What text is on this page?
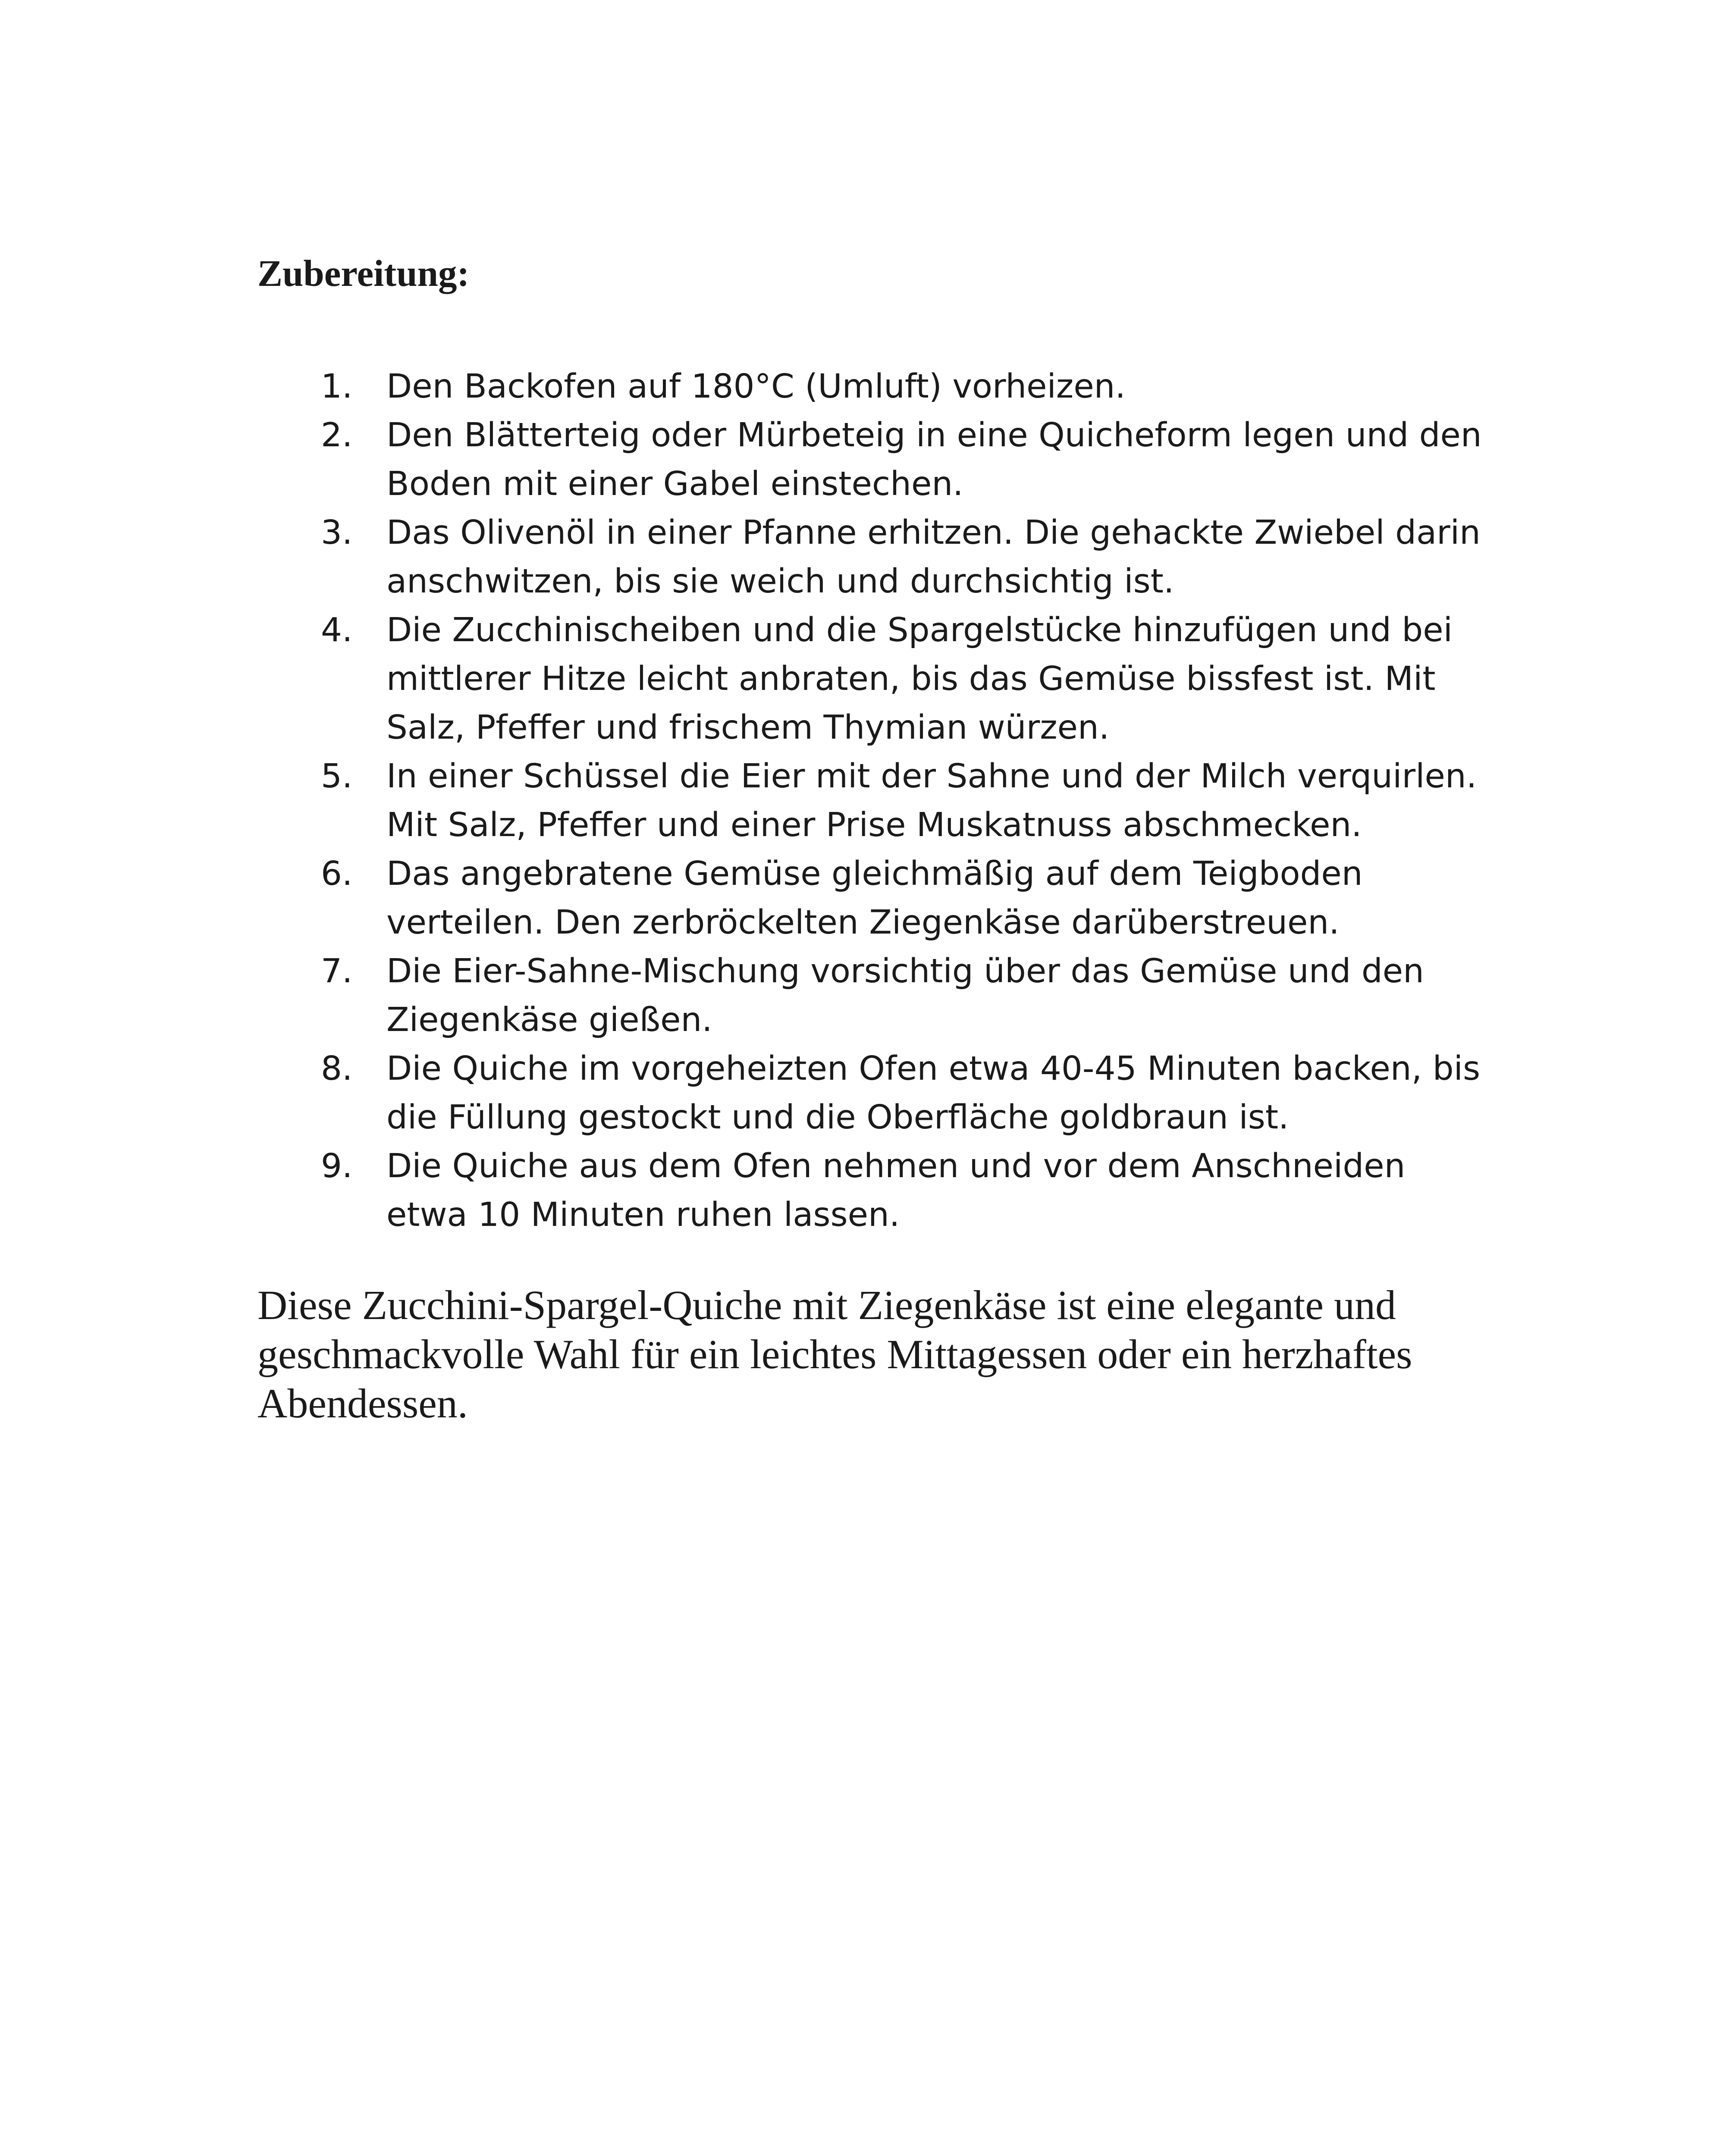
Zubereitung:
1. Den Backofen auf 180°C (Umluft) vorheizen.
2. Den Blätterteig oder Mürbeteig in eine Quicheform legen und den Boden mit einer Gabel einstechen.
3. Das Olivenöl in einer Pfanne erhitzen. Die gehackte Zwiebel darin anschwitzen, bis sie weich und durchsichtig ist.
4. Die Zucchinischeiben und die Spargelstücke hinzufügen und bei mittlerer Hitze leicht anbraten, bis das Gemüse bissfest ist. Mit Salz, Pfeffer und frischem Thymian würzen.
5. In einer Schüssel die Eier mit der Sahne und der Milch verquirlen. Mit Salz, Pfeffer und einer Prise Muskatnuss abschmecken.
6. Das angebratene Gemüse gleichmäßig auf dem Teigboden verteilen. Den zerbröckelten Ziegenkäse darüberstreuen.
7. Die Eier-Sahne-Mischung vorsichtig über das Gemüse und den Ziegenkäse gießen.
8. Die Quiche im vorgeheizten Ofen etwa 40-45 Minuten backen, bis die Füllung gestockt und die Oberfläche goldbraun ist.
9. Die Quiche aus dem Ofen nehmen und vor dem Anschneiden etwa 10 Minuten ruhen lassen.

Diese Zucchini-Spargel-Quiche mit Ziegenkäse ist eine elegante und geschmackvolle Wahl für ein leichtes Mittagessen oder ein herzhaftes Abendessen.
